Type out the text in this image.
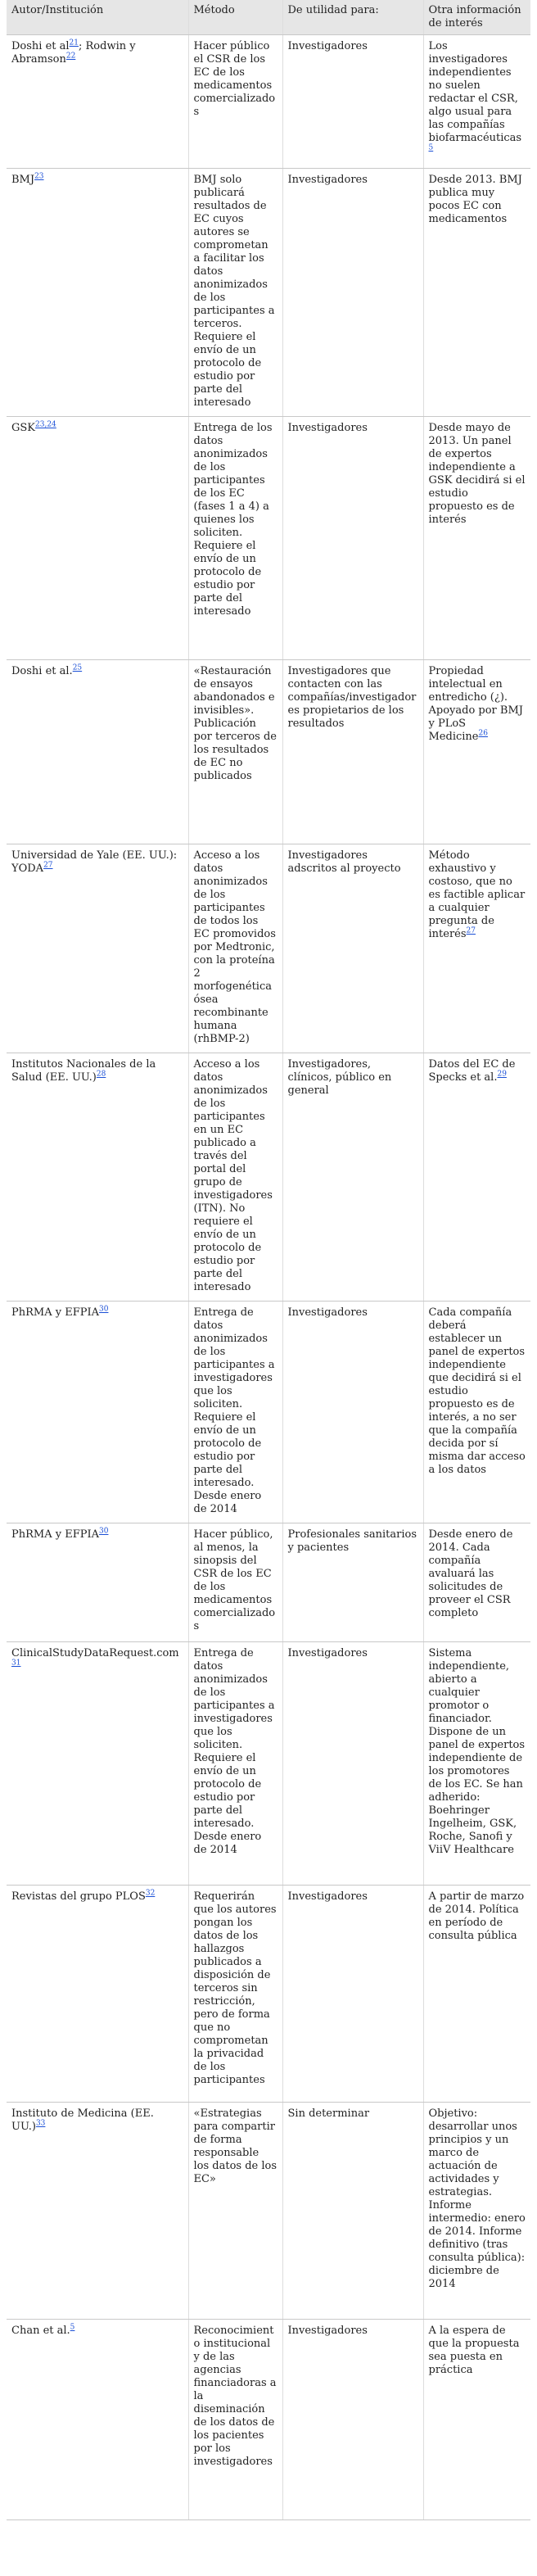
Autor/Institución	Método	De utilidad para:	Otra información de interés
Doshi et al$^{21}$; Rodwin y Abramson$^{22}$	Hacer público el CSR de los EC de los medicamentos comercializados	Investigadores	Los investigadores independientes no suelen redactar el CSR, algo usual para las compañías biofarmacéuticas$^5$
BMJ$^{23}$	BMJ solo publicará resultados de EC cuyos autores se comprometan a facilitar los datos anonimizados de los participantes a terceros. Requiere el envío de un protocolo de estudio por parte del interesado	Investigadores	Desde 2013. BMJ publica muy pocos EC con medicamentos
GSK$^{23,24}$	Entrega de los datos anonimizados de los participantes de los EC (fases 1 a 4) a quienes los soliciten. Requiere el envío de un protocolo de estudio por parte del interesado	Investigadores	Desde mayo de 2013. Un panel de expertos independiente a GSK decidirá si el estudio propuesto es de interés
Doshi et al.$^{25}$	«Restauración de ensayos abandonados e invisibles». Publicación por terceros de los resultados de EC no publicados	Investigadores que contacten con las compañías/investigadores propietarios de los resultados	Propiedad intelectual en entredicho (¿). Apoyado por BMJ y PLoS Medicine$^{26}$
Universidad de Yale (EE. UU.): YODA$^{27}$	Acceso a los datos anonimizados de los participantes de todos los EC promovidos por Medtronic, con la proteína 2 morfogenética ósea recombinante humana (rhBMP-2)	Investigadores adscritos al proyecto	Método exhaustivo y costoso, que no es factible aplicar a cualquier pregunta de interés$^{27}$
Institutos Nacionales de la Salud (EE. UU.)$^{28}$	Acceso a los datos anonimizados de los participantes en un EC publicado a través del portal del grupo de investigadores (ITN). No requiere el envío de un protocolo de estudio por parte del interesado	Investigadores, clínicos, público en general	Datos del EC de Specks et al.$^{29}$
PhRMA y EFPIA$^{30}$	Entrega de datos anonimizados de los participantes a investigadores que los soliciten. Requiere el envío de un protocolo de estudio por parte del interesado. Desde enero de 2014	Investigadores	Cada compañía deberá establecer un panel de expertos independiente que decidirá si el estudio propuesto es de interés, a no ser que la compañía decida por sí misma dar acceso a los datos
PhRMA y EFPIA$^{30}$	Hacer público, al menos, la sinopsis del CSR de los EC de los medicamentos comercializados	Profesionales sanitarios y pacientes	Desde enero de 2014. Cada compañía avaluará las solicitudes de proveer el CSR completo
ClinicalStudyDataRequest.com$^{31}$	Entrega de datos anonimizados de los participantes a investigadores que los soliciten. Requiere el envío de un protocolo de estudio por parte del interesado. Desde enero de 2014	Investigadores	Sistema independiente, abierto a cualquier promotor o financiador. Dispone de un panel de expertos independiente de los promotores de los EC. Se han adherido: Boehringer Ingelheim, GSK, Roche, Sanofi y ViiV Healthcare
Revistas del grupo PLOS$^{32}$	Requerirán que los autores pongan los datos de los hallazgos publicados a disposición de terceros sin restricción, pero de forma que no comprometan la privacidad de los participantes	Investigadores	A partir de marzo de 2014. Política en período de consulta pública
Instituto de Medicina (EE. UU.)$^{33}$	«Estrategias para compartir de forma responsable los datos de los EC»	Sin determinar	Objetivo: desarrollar unos principios y un marco de actuación de actividades y estrategias. Informe intermedio: enero de 2014. Informe definitivo (tras consulta pública): diciembre de 2014
Chan et al.$^5$	Reconocimiento institucional y de las agencias financiadoras a la diseminación de los datos de los pacientes por los investigadores	Investigadores	A la espera de que la propuesta sea puesta en práctica
